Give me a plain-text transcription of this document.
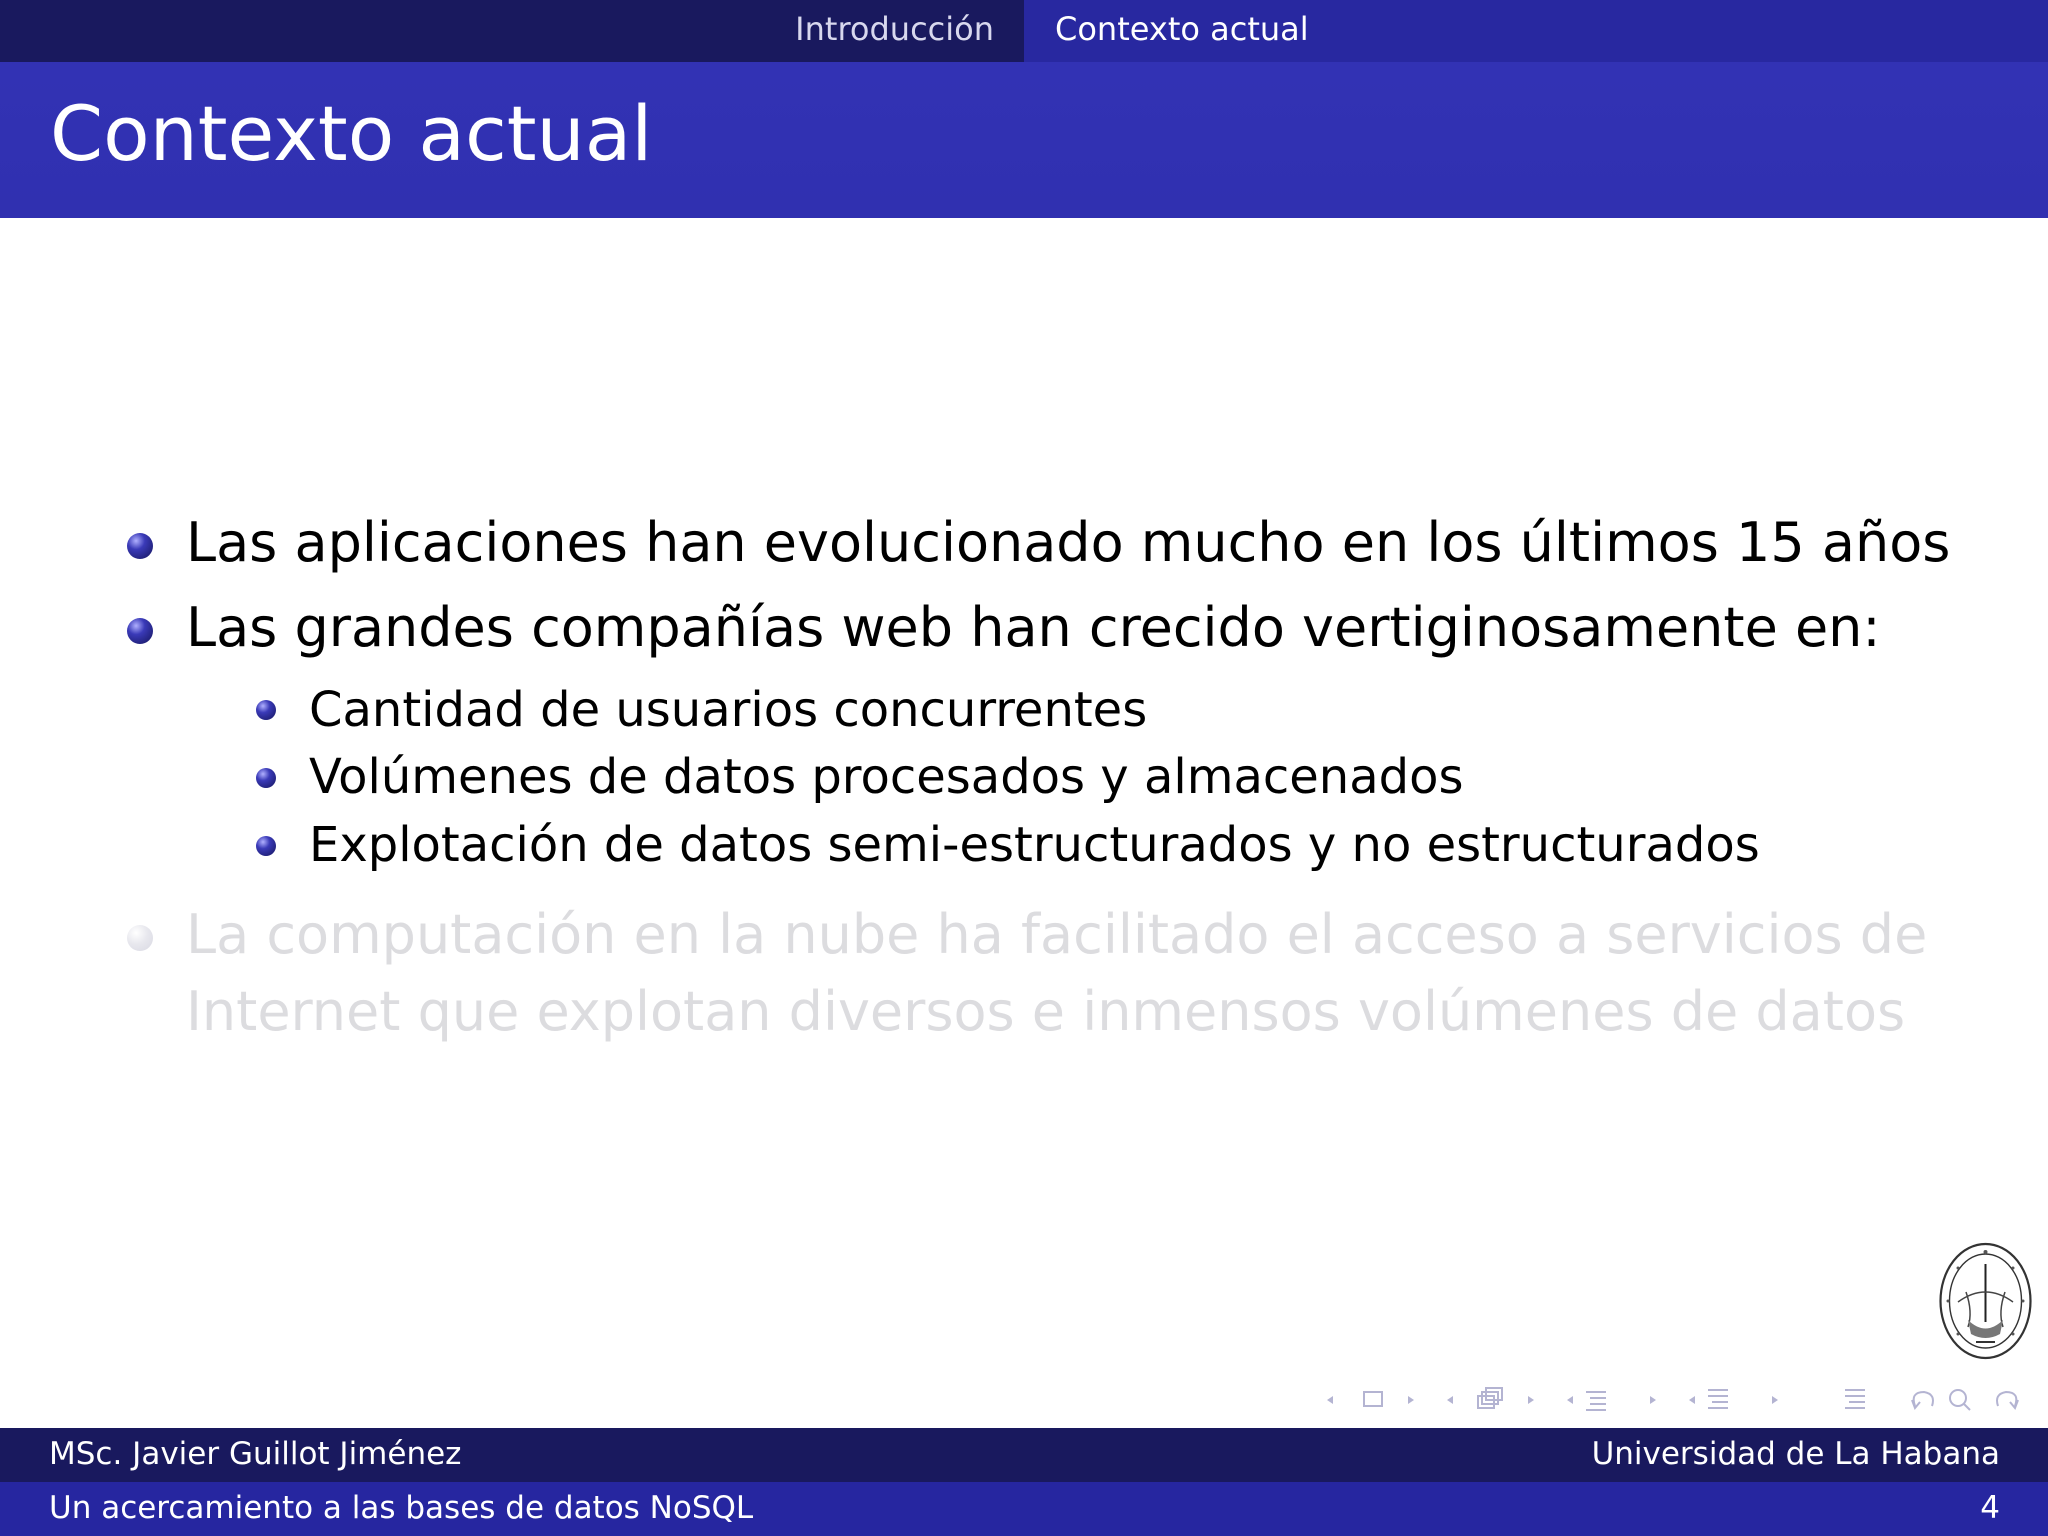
Introducción Contexto actual
Contexto actual
Las aplicaciones han evolucionado mucho en los últimos 15 años
Las grandes compañías web han crecido vertiginosamente en:
Cantidad de usuarios concurrentes
Volúmenes de datos procesados y almacenados
Explotación de datos semi-estructurados y no estructurados
La computación en la nube ha facilitado el acceso a servicios de
Internet que explotan diversos e inmensos volúmenes de datos
MSc. Javier Guillot Jiménez	Universidad de La Habana
Un acercamiento a las bases de datos NoSQL	4
